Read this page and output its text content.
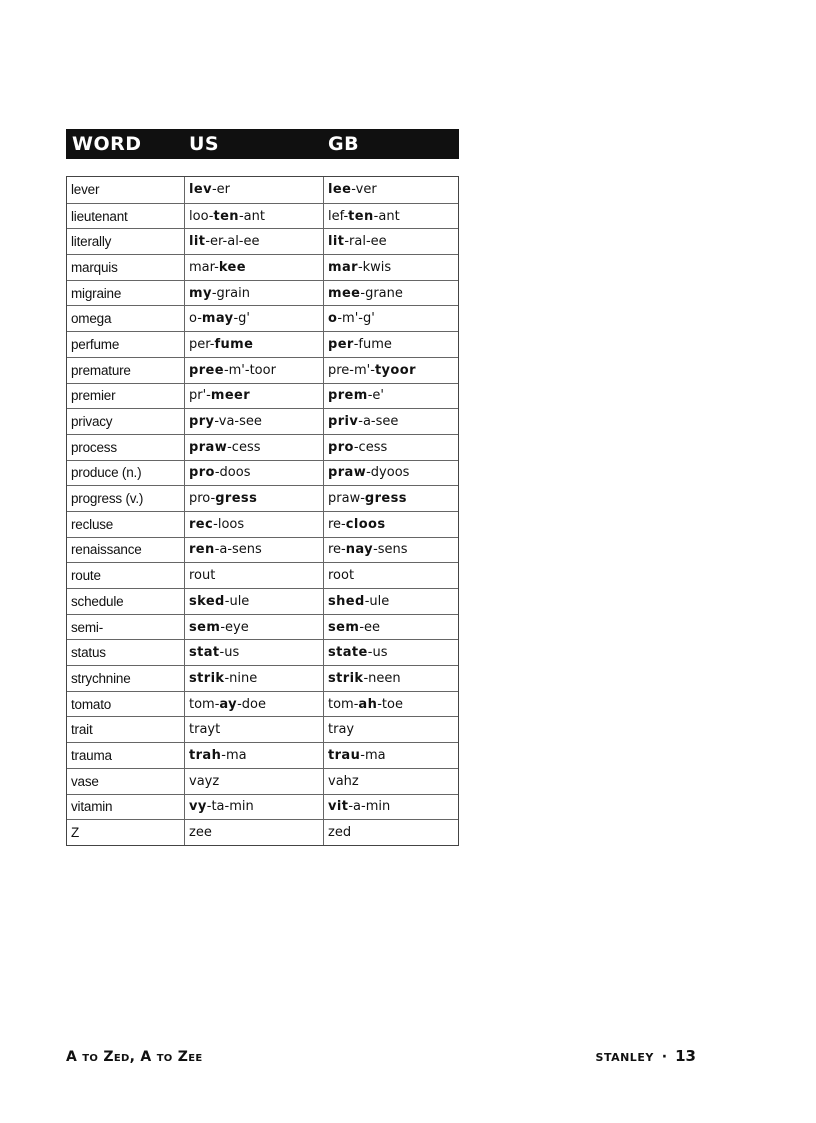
WORD	US	GB
lever	lev -er	lee -ver
lieutenant	loo- ten -ant	lef- ten -ant
literally	lit -er-al-ee	lit -ral-ee
marquis	mar- kee	mar -kwis
migraine	my -grain	mee -grane
omega	o- may -g'	o -m'-g'
perfume	per- fume	per -fume
premature	pree -m'-toor	pre-m'- tyoor
premier	pr'- meer	prem -e'
privacy	pry -va-see	priv -a-see
process	praw -cess	pro -cess
produce (n.)	pro -doos	praw -dyoos
progress (v.)	pro- gress	praw- gress
recluse	rec -loos	re- cloos
renaissance	ren -a-sens	re- nay -sens
route	rout	root
schedule	sked -ule	shed -ule
semi-	sem -eye	sem -ee
status	stat -us	state -us
strychnine	strik -nine	strik -neen
tomato	tom- ay -doe	tom- ah -toe
trait	trayt	tray
trauma	trah -ma	trau -ma
vase	vayz	vahz
vitamin	vy -ta-min	vit -a-min
Z	zee	zed
A to Zed, A to Zee	STANLEY · 13
